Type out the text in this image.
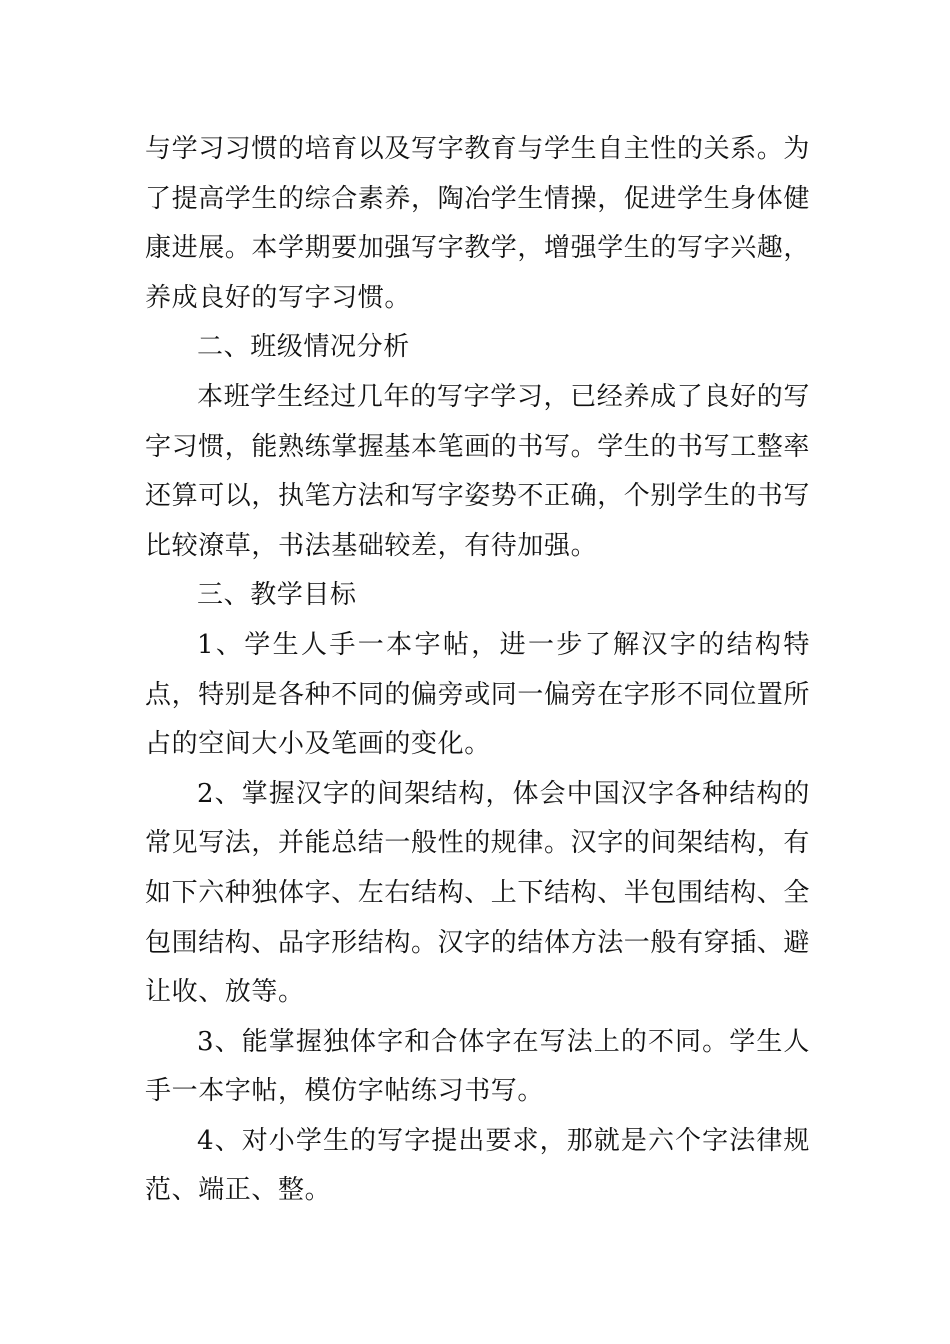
与学习习惯的培育以及写字教育与学生自主性的关系。为了提高学生的综合素养，陶冶学生情操，促进学生身体健康进展。本学期要加强写字教学，增强学生的写字兴趣，养成良好的写字习惯。

二、班级情况分析

本班学生经过几年的写字学习，已经养成了良好的写字习惯，能熟练掌握基本笔画的书写。学生的书写工整率还算可以，执笔方法和写字姿势不正确，个别学生的书写比较潦草，书法基础较差，有待加强。

三、教学目标

1、学生人手一本字帖，进一步了解汉字的结构特点，特别是各种不同的偏旁或同一偏旁在字形不同位置所占的空间大小及笔画的变化。

2、掌握汉字的间架结构，体会中国汉字各种结构的常见写法，并能总结一般性的规律。汉字的间架结构，有如下六种独体字、左右结构、上下结构、半包围结构、全包围结构、品字形结构。汉字的结体方法一般有穿插、避让收、放等。

3、能掌握独体字和合体字在写法上的不同。学生人手一本字帖，模仿字帖练习书写。

4、对小学生的写字提出要求，那就是六个字法律规范、端正、整。
